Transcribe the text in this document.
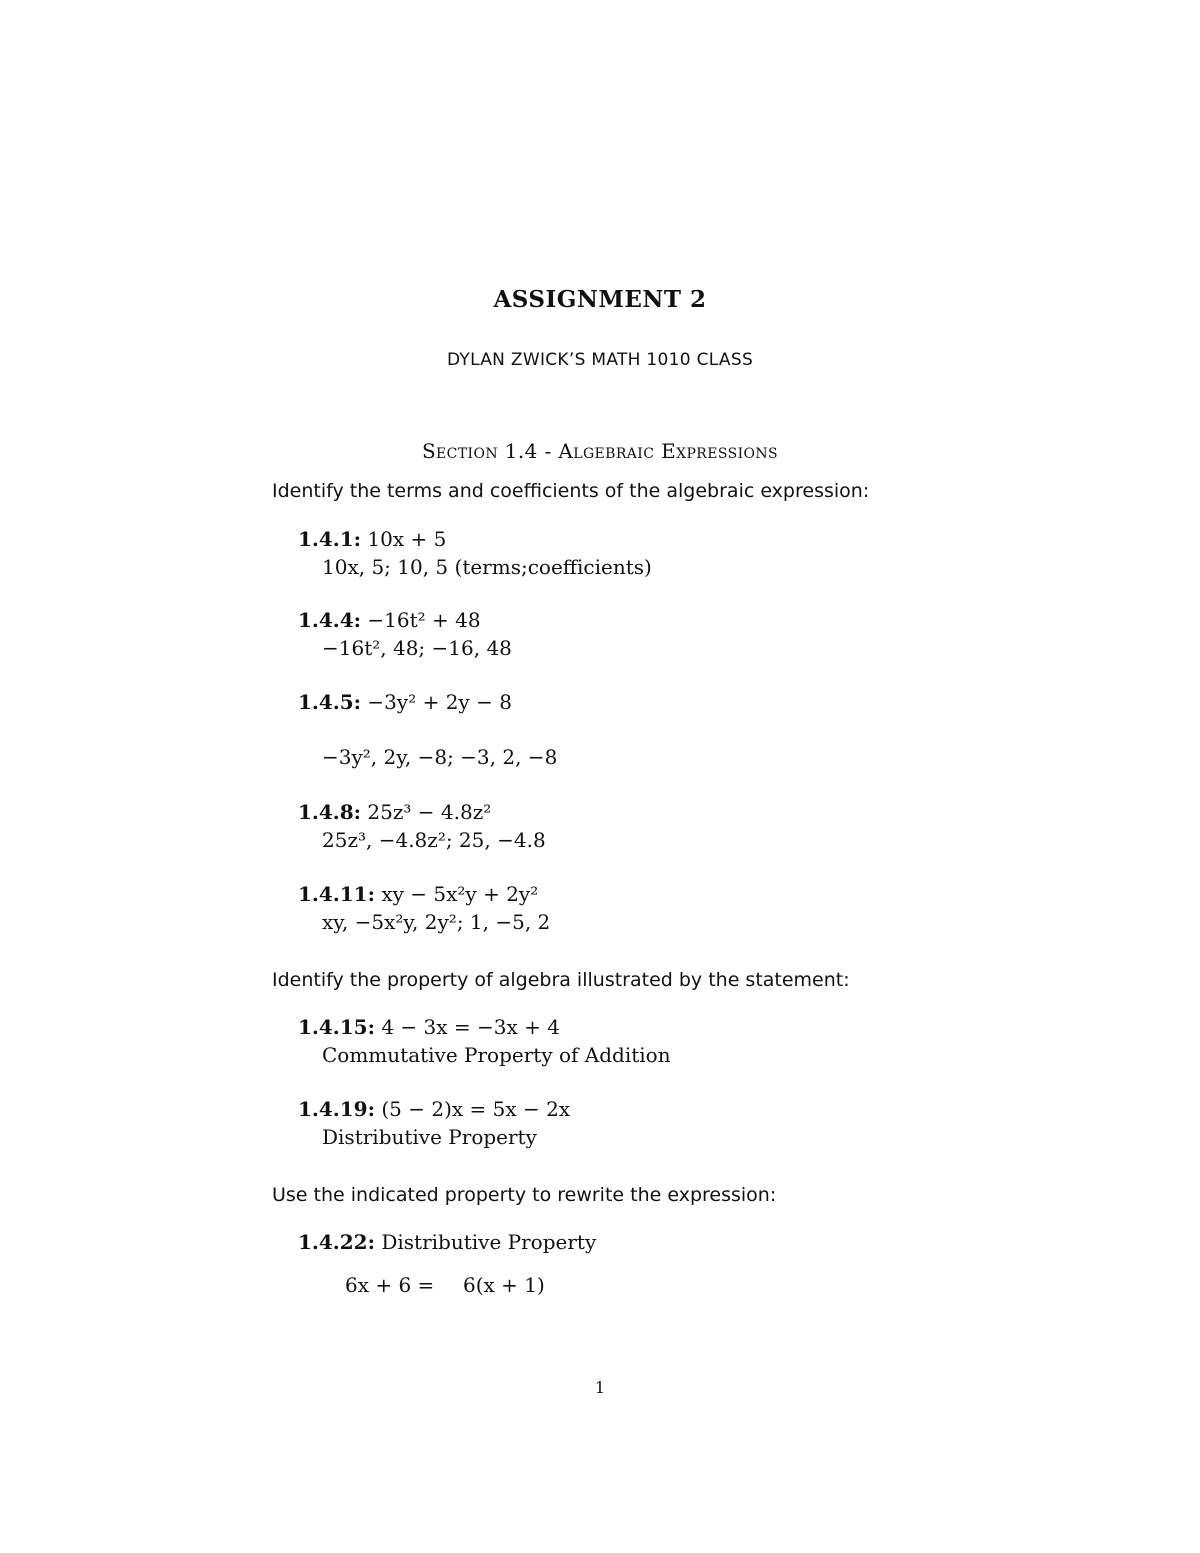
ASSIGNMENT 2
DYLAN ZWICK’S MATH 1010 CLASS
Section 1.4 - Algebraic Expressions
Identify the terms and coefficients of the algebraic expression:
1.4.1: 10x + 5
10x, 5; 10, 5 (terms;coefficients)
1.4.4: −16t² + 48
−16t², 48; −16, 48
1.4.5: −3y² + 2y − 8
−3y², 2y, −8; −3, 2, −8
1.4.8: 25z³ − 4.8z²
25z³, −4.8z²; 25, −4.8
1.4.11: xy − 5x²y + 2y²
xy, −5x²y, 2y²; 1, −5, 2
Identify the property of algebra illustrated by the statement:
1.4.15: 4 − 3x = −3x + 4
Commutative Property of Addition
1.4.19: (5 − 2)x = 5x − 2x
Distributive Property
Use the indicated property to rewrite the expression:
1.4.22: Distributive Property
6x + 6 = 6(x + 1)
1
